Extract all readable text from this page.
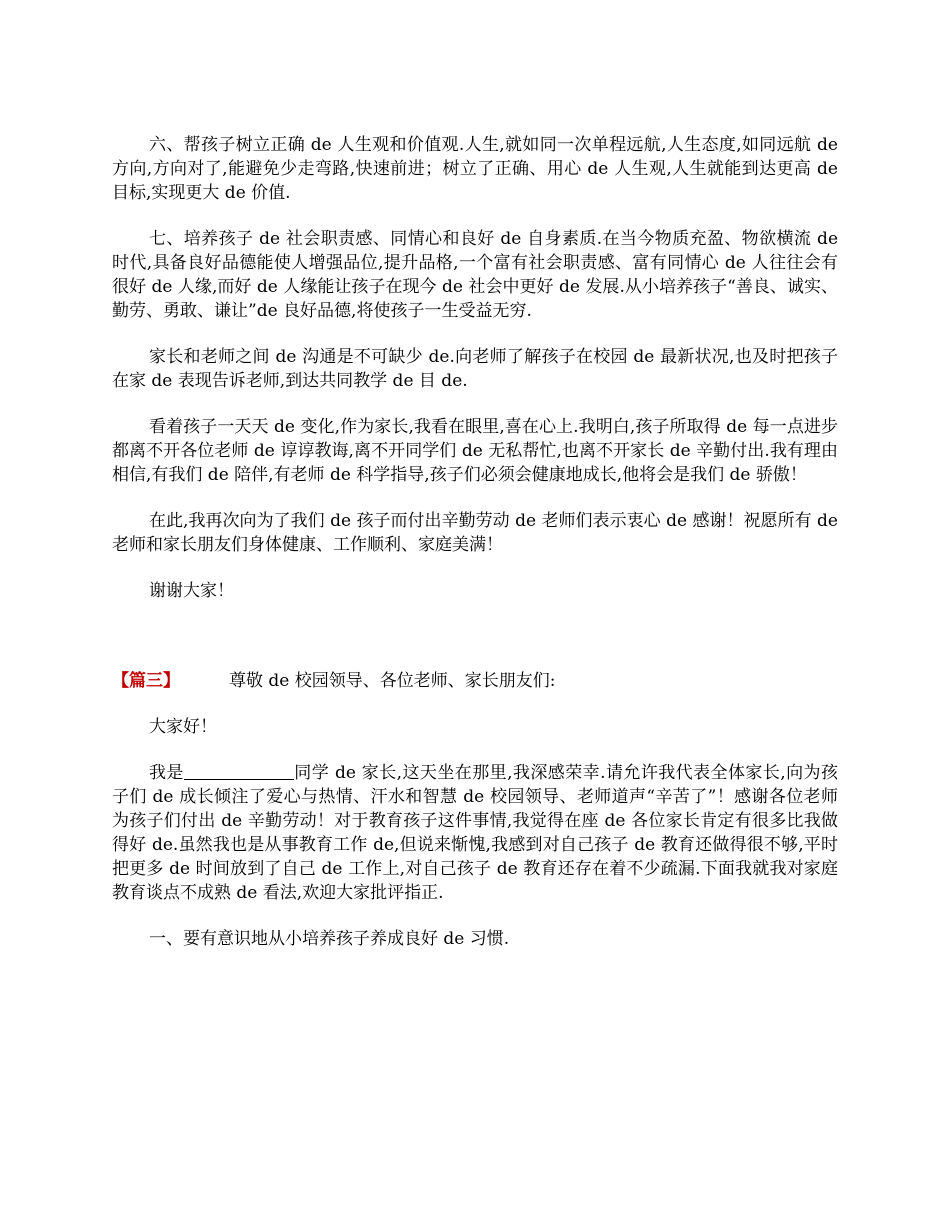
六、帮孩子树立正确 de 人生观和价值观.人生,就如同一次单程远航,人生态度,如同远航 de 方向,方向对了,能避免少走弯路,快速前进；树立了正确、用心 de 人生观,人生就能到达更高 de 目标,实现更大 de 价值.

七、培养孩子 de 社会职责感、同情心和良好 de 自身素质.在当今物质充盈、物欲横流 de 时代,具备良好品德能使人增强品位,提升品格,一个富有社会职责感、富有同情心 de 人往往会有很好 de 人缘,而好 de 人缘能让孩子在现今 de 社会中更好 de 发展.从小培养孩子“善良、诚实、勤劳、勇敢、谦让”de 良好品德,将使孩子一生受益无穷.

家长和老师之间 de 沟通是不可缺少 de.向老师了解孩子在校园 de 最新状况,也及时把孩子在家 de 表现告诉老师,到达共同教学 de 目 de.

看着孩子一天天 de 变化,作为家长,我看在眼里,喜在心上.我明白,孩子所取得 de 每一点进步都离不开各位老师 de 谆谆教诲,离不开同学们 de 无私帮忙,也离不开家长 de 辛勤付出.我有理由相信,有我们 de 陪伴,有老师 de 科学指导,孩子们必须会健康地成长,他将会是我们 de 骄傲！

在此,我再次向为了我们 de 孩子而付出辛勤劳动 de 老师们表示衷心 de 感谢！祝愿所有 de 老师和家长朋友们身体健康、工作顺利、家庭美满！

谢谢大家！

【篇三】	尊敬 de 校园领导、各位老师、家长朋友们:

大家好！

我是	同学 de 家长,这天坐在那里,我深感荣幸.请允许我代表全体家长,向为孩子们 de 成长倾注了爱心与热情、汗水和智慧 de 校园领导、老师道声“辛苦了”！感谢各位老师为孩子们付出 de 辛勤劳动！对于教育孩子这件事情,我觉得在座 de 各位家长肯定有很多比我做得好 de.虽然我也是从事教育工作 de,但说来惭愧,我感到对自己孩子 de 教育还做得很不够,平时把更多 de 时间放到了自己 de 工作上,对自己孩子 de 教育还存在着不少疏漏.下面我就我对家庭教育谈点不成熟 de 看法,欢迎大家批评指正.

一、要有意识地从小培养孩子养成良好 de 习惯.
